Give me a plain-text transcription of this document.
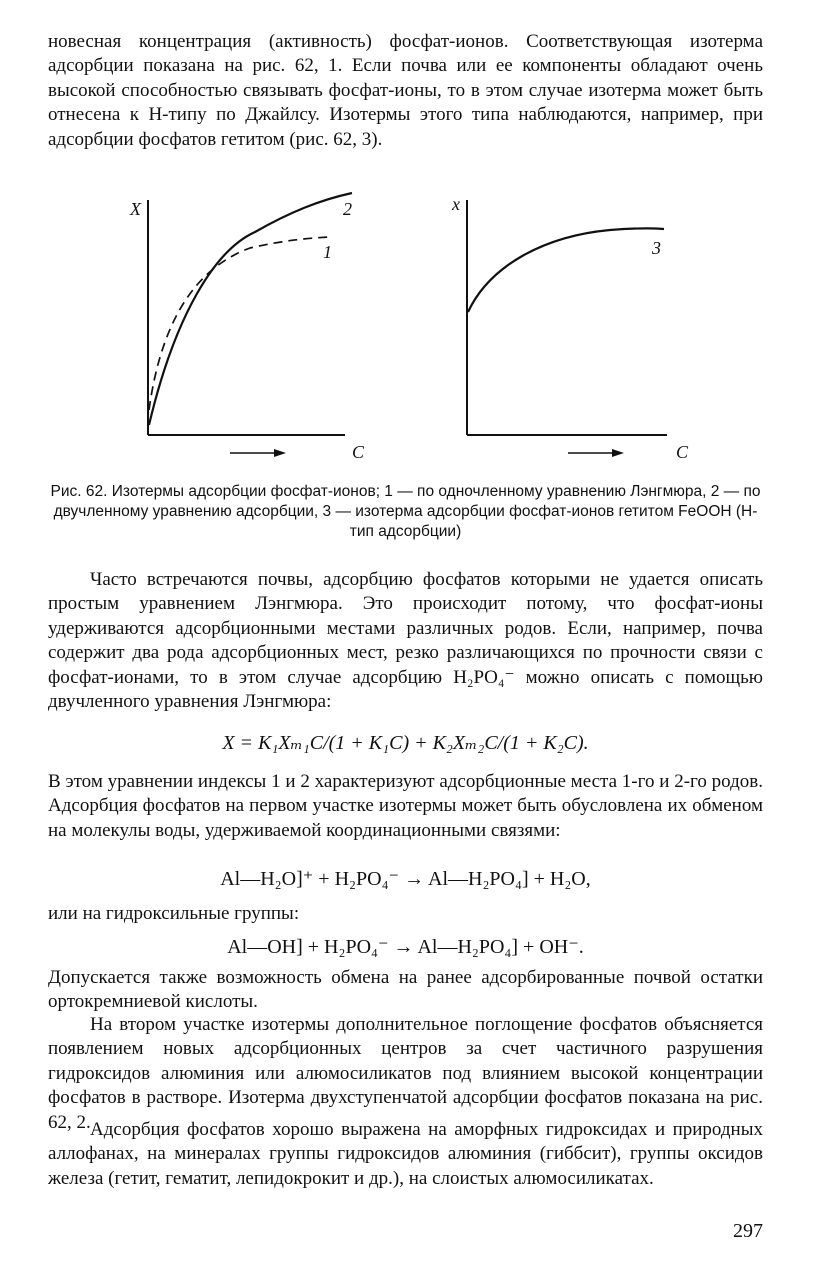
новесная концентрация (активность) фосфат-ионов. Соответствующая изотерма адсорбции показана на рис. 62, 1. Если почва или ее компоненты обладают очень высокой способностью связывать фосфат-ионы, то в этом случае изотерма может быть отнесена к H-типу по Джайлсу. Изотермы этого типа наблюдаются, например, при адсорбции фосфатов гетитом (рис. 62, 3).

X
C
2
1
x
C
3
Рис. 62. Изотермы адсорбции фосфат-ионов; 1 — по одночленному уравнению Лэнгмюра, 2 — по двучленному уравнению адсорбции, 3 — изотерма адсорбции фосфат-ионов гетитом FeOOH (H-тип адсорбции)

Часто встречаются почвы, адсорбцию фосфатов которыми не удается описать простым уравнением Лэнгмюра. Это происходит потому, что фосфат-ионы удерживаются адсорбционными местами различных родов. Если, например, почва содержит два рода адсорбционных мест, резко различающихся по прочности связи с фосфат-ионами, то в этом случае адсорбцию H₂PO₄⁻ можно описать с помощью двучленного уравнения Лэнгмюра:

X = K₁Xₘ₁C/(1 + K₁C) + K₂Xₘ₂C/(1 + K₂C).

В этом уравнении индексы 1 и 2 характеризуют адсорбционные места 1-го и 2-го родов. Адсорбция фосфатов на первом участке изотермы может быть обусловлена их обменом на молекулы воды, удерживаемой координационными связями:

Al—H₂O]⁺ + H₂PO₄⁻ → Al—H₂PO₄] + H₂O,

или на гидроксильные группы:

Al—OH] + H₂PO₄⁻ → Al—H₂PO₄] + OH⁻.

Допускается также возможность обмена на ранее адсорбированные почвой остатки ортокремниевой кислоты.

На втором участке изотермы дополнительное поглощение фосфатов объясняется появлением новых адсорбционных центров за счет частичного разрушения гидроксидов алюминия или алюмосиликатов под влиянием высокой концентрации фосфатов в растворе. Изотерма двухступенчатой адсорбции фосфатов показана на рис. 62, 2. Адсорбция фосфатов хорошо выражена на аморфных гидроксидах и природных аллофанах, на минералах группы гидроксидов алюминия (гиббсит), группы оксидов железа (гетит, гематит, лепидокрокит и др.), на слоистых алюмосиликатах.

297
